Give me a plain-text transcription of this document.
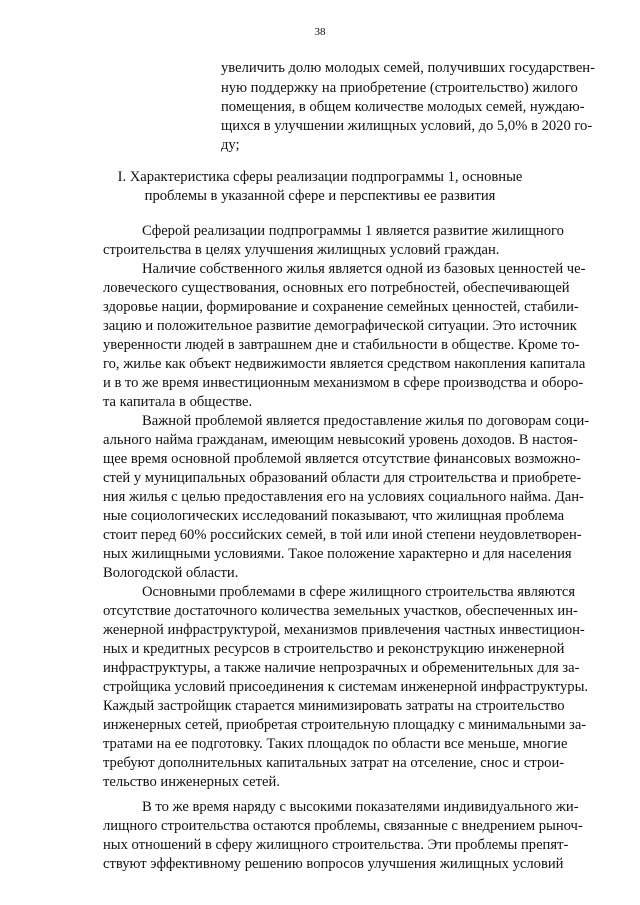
38
увеличить долю молодых семей, получивших государствен-
ную поддержку на приобретение (строительство) жилого
помещения, в общем количестве молодых семей, нуждаю-
щихся в улучшении жилищных условий, до 5,0% в 2020 го-
ду;
I. Характеристика сферы реализации подпрограммы 1, основные
проблемы в указанной сфере и перспективы ее развития
Сферой реализации подпрограммы 1 является развитие жилищного
строительства в целях улучшения жилищных условий граждан.
Наличие собственного жилья является одной из базовых ценностей че-
ловеческого существования, основных его потребностей, обеспечивающей
здоровье нации, формирование и сохранение семейных ценностей, стабили-
зацию и положительное развитие демографической ситуации. Это источник
уверенности людей в завтрашнем дне и стабильности в обществе. Кроме то-
го, жилье как объект недвижимости является средством накопления капитала
и в то же время инвестиционным механизмом в сфере производства и оборо-
та капитала в обществе.
Важной проблемой является предоставление жилья по договорам соци-
ального найма гражданам, имеющим невысокий уровень доходов. В настоя-
щее время основной проблемой является отсутствие финансовых возможно-
стей у муниципальных образований области для строительства и приобрете-
ния жилья с целью предоставления его на условиях социального найма. Дан-
ные социологических исследований показывают, что жилищная проблема
стоит перед 60% российских семей, в той или иной степени неудовлетворен-
ных жилищными условиями. Такое положение характерно и для населения
Вологодской области.
Основными проблемами в сфере жилищного строительства являются
отсутствие достаточного количества земельных участков, обеспеченных ин-
женерной инфраструктурой, механизмов привлечения частных инвестицион-
ных и кредитных ресурсов в строительство и реконструкцию инженерной
инфраструктуры, а также наличие непрозрачных и обременительных для за-
стройщика условий присоединения к системам инженерной инфраструктуры.
Каждый застройщик старается минимизировать затраты на строительство
инженерных сетей, приобретая строительную площадку с минимальными за-
тратами на ее подготовку. Таких площадок по области все меньше, многие
требуют дополнительных капитальных затрат на отселение, снос и строи-
тельство инженерных сетей.
В то же время наряду с высокими показателями индивидуального жи-
лищного строительства остаются проблемы, связанные с внедрением рыноч-
ных отношений в сферу жилищного строительства. Эти проблемы препят-
ствуют эффективному решению вопросов улучшения жилищных условий
